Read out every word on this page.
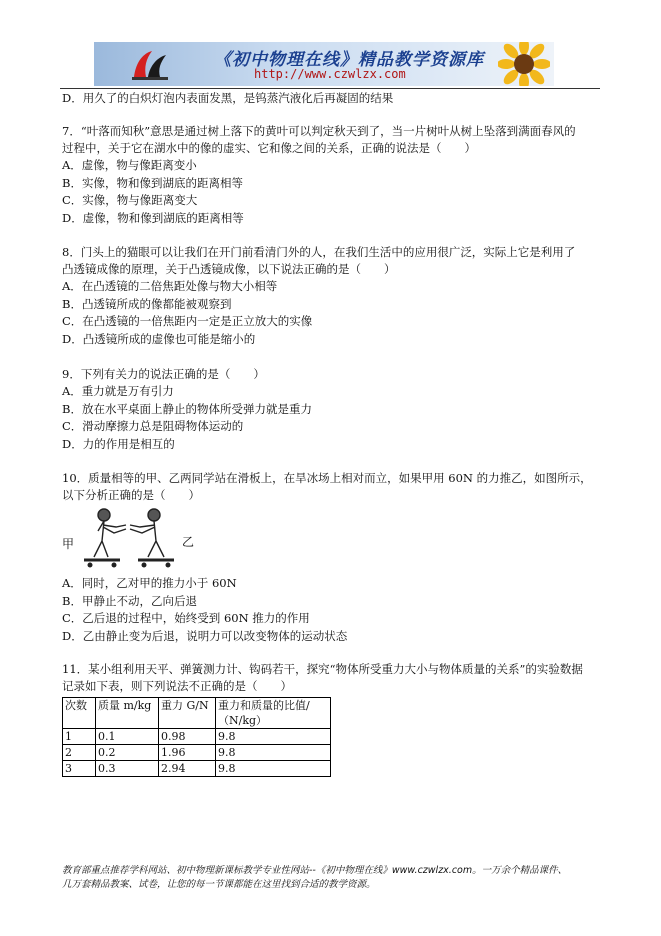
《初中物理在线》精品教学资源库
http://www.czwlzx.com
D．用久了的白炽灯泡内表面发黑，是钨蒸汽液化后再凝固的结果
7．“叶落而知秋”意思是通过树上落下的黄叶可以判定秋天到了，当一片树叶从树上坠落到满面春风的
过程中，关于它在湖水中的像的虚实、它和像之间的关系，正确的说法是（　　）
A．虚像，物与像距离变小
B．实像，物和像到湖底的距离相等
C．实像，物与像距离变大
D．虚像，物和像到湖底的距离相等
8．门头上的猫眼可以让我们在开门前看清门外的人，在我们生活中的应用很广泛，实际上它是利用了
凸透镜成像的原理，关于凸透镜成像，以下说法正确的是（　　）
A．在凸透镜的二倍焦距处像与物大小相等
B．凸透镜所成的像都能被观察到
C．在凸透镜的一倍焦距内一定是正立放大的实像
D．凸透镜所成的虚像也可能是缩小的
9．下列有关力的说法正确的是（　　）
A．重力就是万有引力
B．放在水平桌面上静止的物体所受弹力就是重力
C．滑动摩擦力总是阻碍物体运动的
D．力的作用是相互的
10．质量相等的甲、乙两同学站在滑板上，在旱冰场上相对而立，如果甲用 60N 的力推乙，如图所示，
以下分析正确的是（　　）
甲	乙
A．同时，乙对甲的推力小于 60N
B．甲静止不动，乙向后退
C．乙后退的过程中，始终受到 60N 推力的作用
D．乙由静止变为后退，说明力可以改变物体的运动状态
11．某小组利用天平、弹簧测力计、钩码若干，探究“物体所受重力大小与物体质量的关系”的实验数据
记录如下表，则下列说法不正确的是（　　）
次数	质量 m/kg	重力 G/N	重力和质量的比值/（N/kg）
1	0.1	0.98	9.8
2	0.2	1.96	9.8
3	0.3	2.94	9.8
教育部重点推荐学科网站、初中物理新课标教学专业性网站--《初中物理在线》www.czwlzx.com。一万余个精品课件、
几万套精品教案、试卷，让您的每一节课都能在这里找到合适的教学资源。
